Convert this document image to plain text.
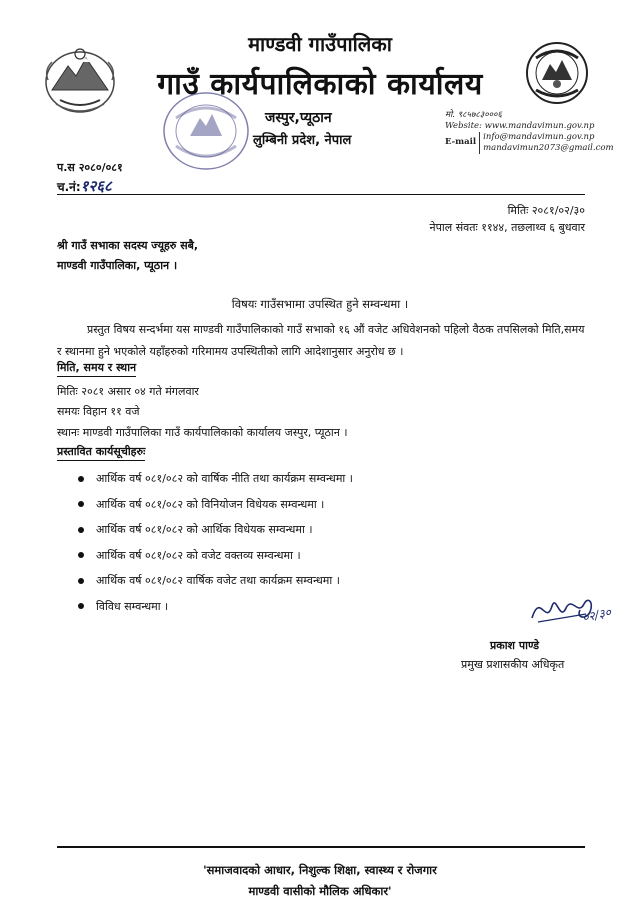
माण्डवी गाउँपालिका
गाउँ कार्यपालिकाको कार्यालय
जस्पुर,प्यूठान
लुम्बिनी प्रदेश, नेपाल
मो. ९८५७८३०००६
Website: www.mandavimun.gov.np
E-mail info@mandavimun.gov.np
mandavimun2073@gmail.com
प.स २०८०/०८१
च.नं:१२६८
मितिः २०८१/०२/३०
नेपाल संवतः ११४४, तछलाथ्व ६ बुधवार
श्री गाउँ सभाका सदस्य ज्यूहरु सबै,
माण्डवी गाउँपालिका, प्यूठान ।
विषयः गाउँसभामा उपस्थित हुने सम्वन्धमा ।
प्रस्तुत विषय सन्दर्भमा यस माण्डवी गाउँपालिकाको गाउँ सभाको १६ औं वजेट अधिवेशनको पहिलो वैठक तपसिलको मिति,समय र स्थानमा हुने भएकोले यहाँहरुको गरिमामय उपस्थितीको लागि आदेशानुसार अनुरोध छ ।
मिति, समय र स्थान
मितिः २०८१ असार ०४ गते मंगलवार
समयः विहान ११ वजे
स्थानः माण्डवी गाउँपालिका गाउँ कार्यपालिकाको कार्यालय जस्पुर, प्यूठान ।
प्रस्तावित कार्यसूचीहरुः
आर्थिक वर्ष ०८१/०८२ को वार्षिक नीति तथा कार्यक्रम सम्वन्धमा ।
आर्थिक वर्ष ०८१/०८२ को विनियोजन विधेयक सम्वन्धमा ।
आर्थिक वर्ष ०८१/०८२ को आर्थिक विधेयक सम्वन्धमा ।
आर्थिक वर्ष ०८१/०८२ को वजेट वक्तव्य सम्वन्धमा ।
आर्थिक वर्ष ०८१/०८२ वार्षिक वजेट तथा कार्यक्रम सम्वन्धमा ।
विविध सम्वन्धमा ।	०२/३०
प्रकाश पाण्डे
प्रमुख प्रशासकीय अधिकृत
'समाजवादको आधार, निशुल्क शिक्षा, स्वास्थ्य र रोजगार
माण्डवी वासीको मौलिक अधिकार'
